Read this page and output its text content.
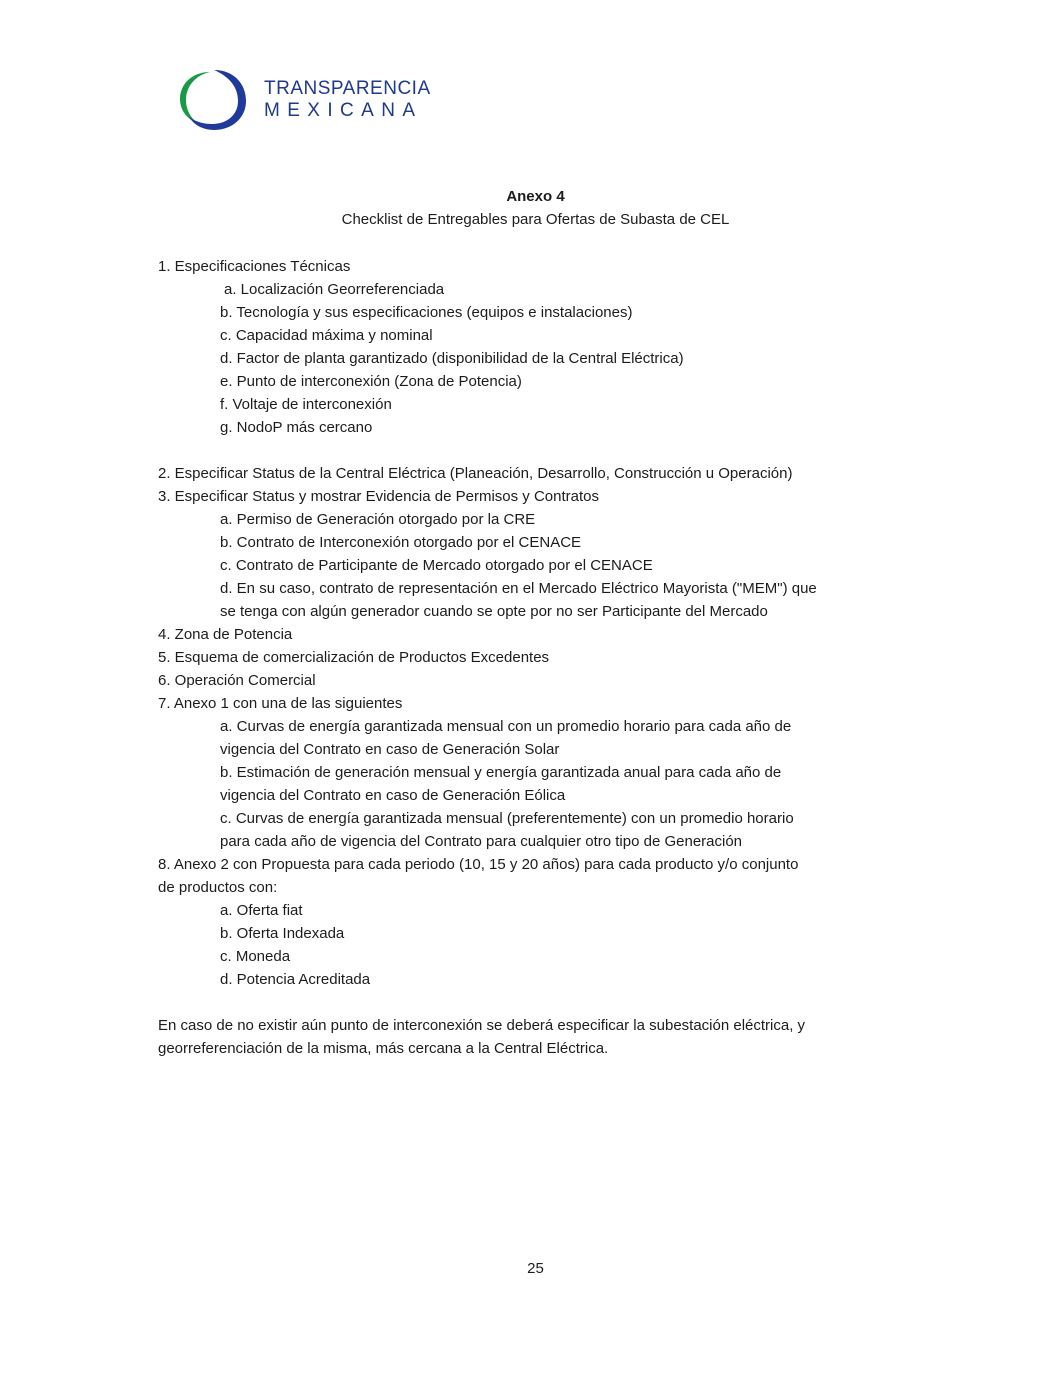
TRANSPARENCIA
MEXICANA
Anexo 4
Checklist de Entregables para Ofertas de Subasta de CEL
1. Especificaciones Técnicas
a. Localización Georreferenciada
b. Tecnología y sus especificaciones (equipos e instalaciones)
c. Capacidad máxima y nominal
d. Factor de planta garantizado (disponibilidad de la Central Eléctrica)
e. Punto de interconexión (Zona de Potencia)
f. Voltaje de interconexión
g. NodoP más cercano
2. Especificar Status de la Central Eléctrica (Planeación, Desarrollo, Construcción u Operación)
3. Especificar Status y mostrar Evidencia de Permisos y Contratos
a. Permiso de Generación otorgado por la CRE
b. Contrato de Interconexión otorgado por el CENACE
c. Contrato de Participante de Mercado otorgado por el CENACE
d. En su caso, contrato de representación en el Mercado Eléctrico Mayorista ("MEM") que
se tenga con algún generador cuando se opte por no ser Participante del Mercado
4. Zona de Potencia
5. Esquema de comercialización de Productos Excedentes
6. Operación Comercial
7. Anexo 1 con una de las siguientes
a. Curvas de energía garantizada mensual con un promedio horario para cada año de
vigencia del Contrato en caso de Generación Solar
b. Estimación de generación mensual y energía garantizada anual para cada año de
vigencia del Contrato en caso de Generación Eólica
c. Curvas de energía garantizada mensual (preferentemente) con un promedio horario
para cada año de vigencia del Contrato para cualquier otro tipo de Generación
8. Anexo 2 con Propuesta para cada periodo (10, 15 y 20 años) para cada producto y/o conjunto
de productos con:
a. Oferta fiat
b. Oferta Indexada
c. Moneda
d. Potencia Acreditada
En caso de no existir aún punto de interconexión se deberá especificar la subestación eléctrica, y
georreferenciación de la misma, más cercana a la Central Eléctrica.
25
